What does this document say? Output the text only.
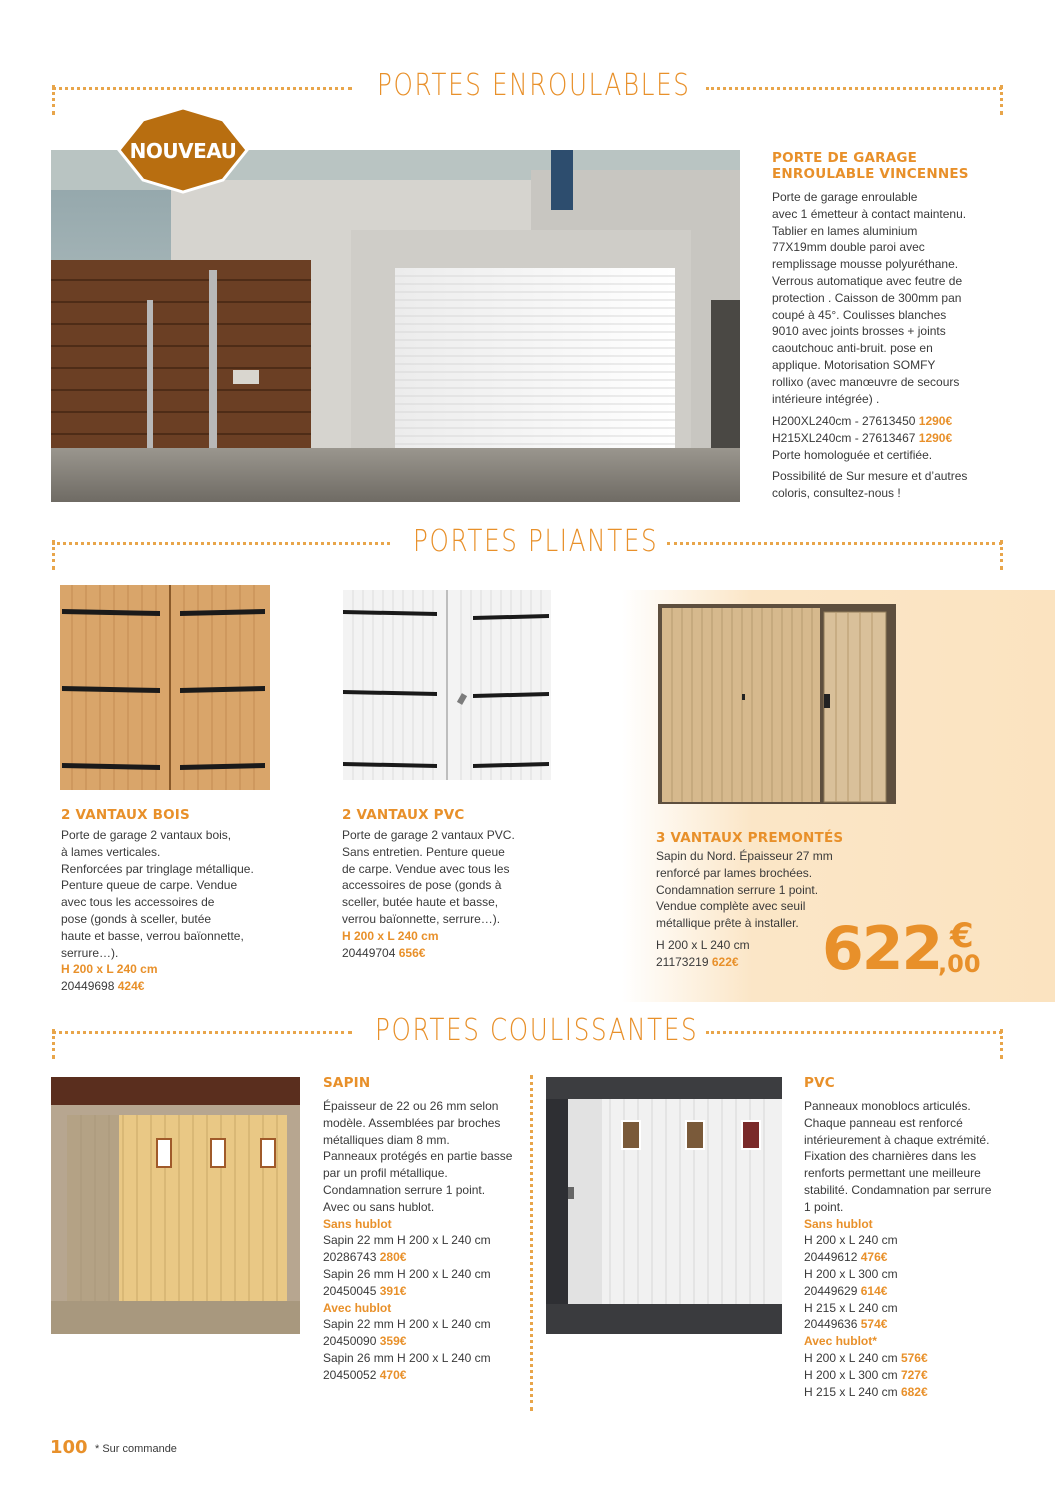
PORTES ENROULABLES
NOUVEAU	PORTE DE GARAGE
ENROULABLE VINCENNES
Porte de garage enroulable
avec 1 émetteur à contact maintenu.
Tablier en lames aluminium
77X19mm double paroi avec
remplissage mousse polyuréthane.
Verrous automatique avec feutre de
protection . Caisson de 300mm pan
coupé à 45°. Coulisses blanches
9010 avec joints brosses + joints
caoutchouc anti-bruit. pose en
applique. Motorisation SOMFY
rollixo (avec manœuvre de secours
intérieure intégrée) .
H200XL240cm - 27613450 1290€
H215XL240cm - 27613467 1290€
Porte homologuée et certifiée.
Possibilité de Sur mesure et d’autres
coloris, consultez-nous !
PORTES PLIANTES
2 VANTAUX BOIS
Porte de garage 2 vantaux bois,
à lames verticales.
Renforcées par tringlage métallique.
Penture queue de carpe. Vendue
avec tous les accessoires de
pose (gonds à sceller, butée
haute et basse, verrou baïonnette,
serrure…).
H 200 x L 240 cm
20449698 424€
2 VANTAUX PVC
Porte de garage 2 vantaux PVC.
Sans entretien. Penture queue
de carpe. Vendue avec tous les
accessoires de pose (gonds à
sceller, butée haute et basse,
verrou baïonnette, serrure…).
H 200 x L 240 cm
20449704 656€
3 VANTAUX PREMONTÉS
Sapin du Nord. Épaisseur 27 mm
renforcé par lames brochées.
Condamnation serrure 1 point.
Vendue complète avec seuil
métallique prête à installer.
H 200 x L 240 cm
21173219 622€ 622 €
,00
PORTES COULISSANTES
SAPIN
Épaisseur de 22 ou 26 mm selon
modèle. Assemblées par broches
métalliques diam 8 mm.
Panneaux protégés en partie basse
par un profil métallique.
Condamnation serrure 1 point.
Avec ou sans hublot.
Sans hublot
Sapin 22 mm H 200 x L 240 cm
20286743 280€
Sapin 26 mm H 200 x L 240 cm
20450045 391€
Avec hublot
Sapin 22 mm H 200 x L 240 cm
20450090 359€
Sapin 26 mm H 200 x L 240 cm
20450052 470€
PVC
Panneaux monoblocs articulés.
Chaque panneau est renforcé
intérieurement à chaque extrémité.
Fixation des charnières dans les
renforts permettant une meilleure
stabilité. Condamnation par serrure
1 point.
Sans hublot
H 200 x L 240 cm
20449612 476€
H 200 x L 300 cm
20449629 614€
H 215 x L 240 cm
20449636 574€
Avec hublot*
H 200 x L 240 cm 576€
H 200 x L 300 cm 727€
H 215 x L 240 cm 682€
100 * Sur commande
